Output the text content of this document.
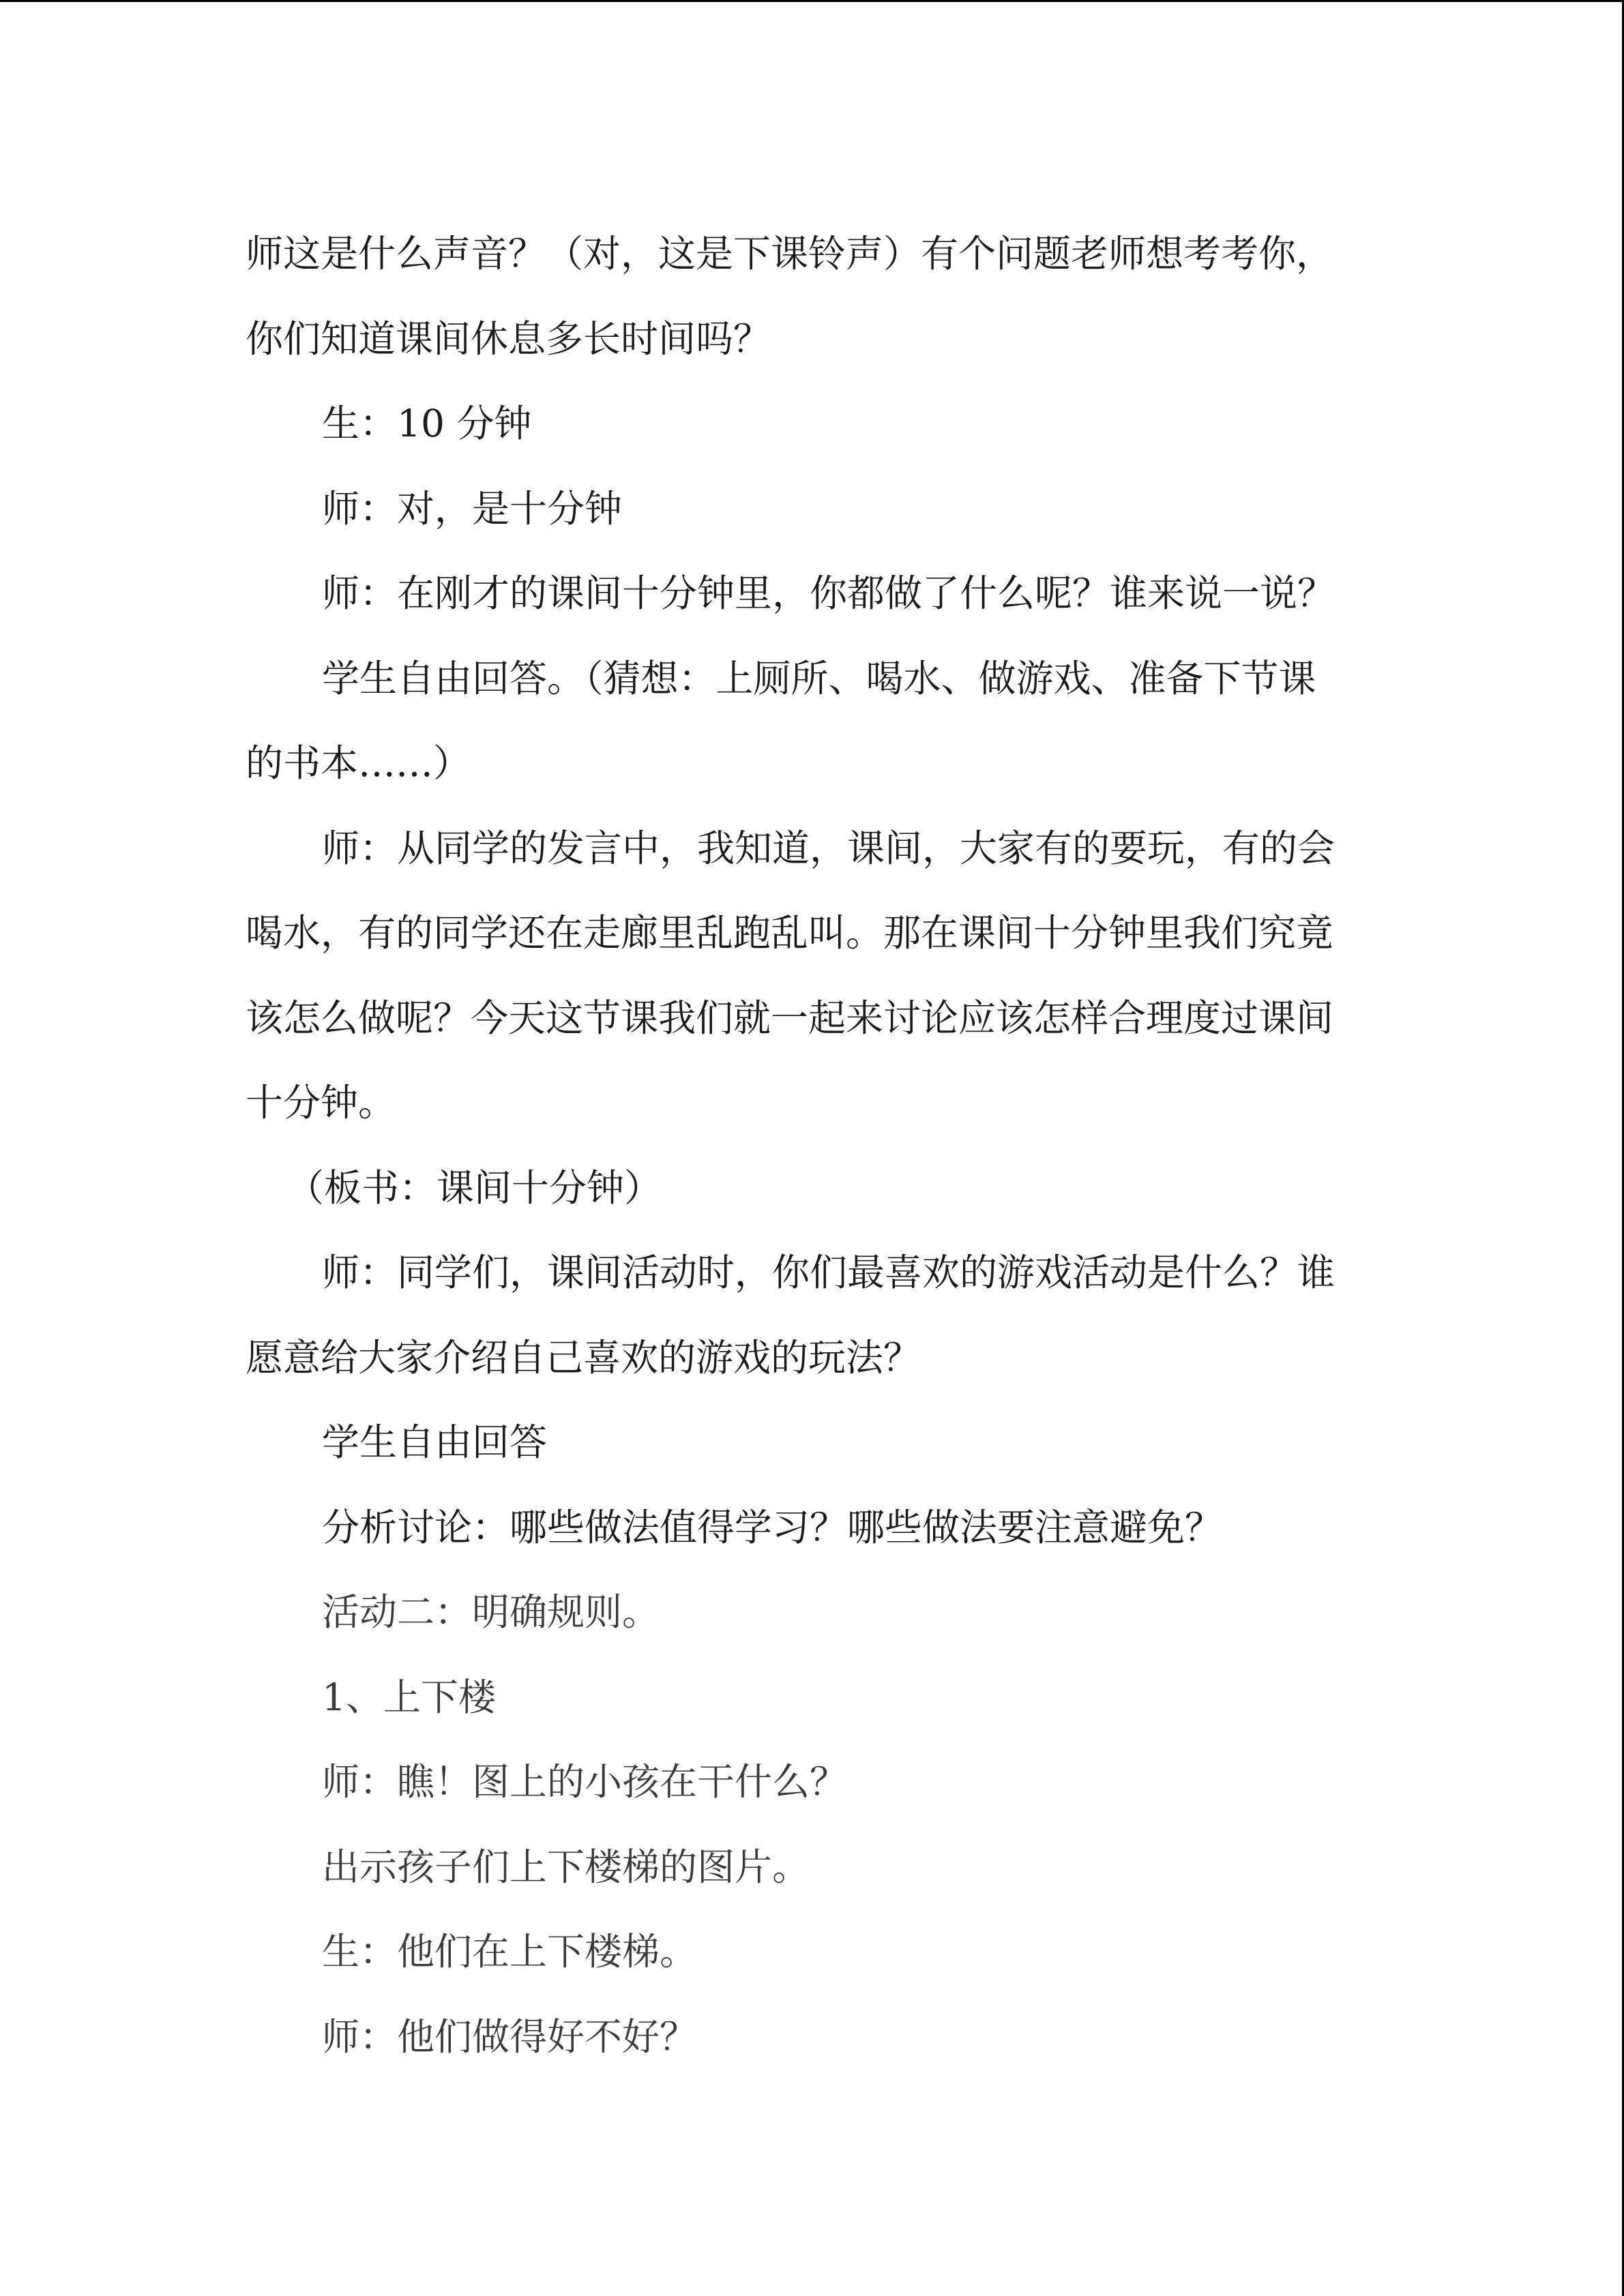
师这是什么声音？（对，这是下课铃声）有个问题老师想考考你，
你们知道课间休息多长时间吗？
生：10 分钟
师：对，是十分钟
师：在刚才的课间十分钟里，你都做了什么呢？谁来说一说？
学生自由回答。（猜想：上厕所、喝水、做游戏、准备下节课
的书本……）
师：从同学的发言中，我知道，课间，大家有的要玩，有的会
喝水，有的同学还在走廊里乱跑乱叫。那在课间十分钟里我们究竟
该怎么做呢？今天这节课我们就一起来讨论应该怎样合理度过课间
十分钟。
（板书：课间十分钟）
师：同学们，课间活动时，你们最喜欢的游戏活动是什么？谁
愿意给大家介绍自己喜欢的游戏的玩法？
学生自由回答
分析讨论：哪些做法值得学习？哪些做法要注意避免？
活动二：明确规则。
1、上下楼
师：瞧！图上的小孩在干什么？
出示孩子们上下楼梯的图片。
生：他们在上下楼梯。
师：他们做得好不好？
